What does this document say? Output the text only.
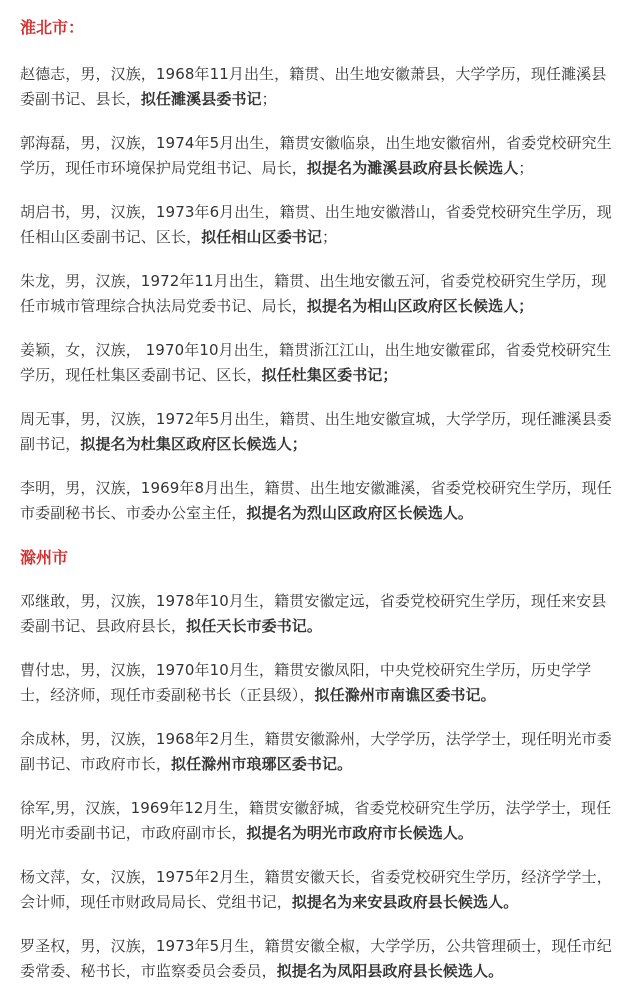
淮北市：

赵德志，男，汉族，1968年11月出生，籍贯、出生地安徽萧县，大学学历，现任濉溪县委副书记、县长，拟任濉溪县委书记；

郭海磊，男，汉族，1974年5月出生，籍贯安徽临泉，出生地安徽宿州，省委党校研究生学历，现任市环境保护局党组书记、局长，拟提名为濉溪县政府县长候选人；

胡启书，男，汉族，1973年6月出生，籍贯、出生地安徽潜山，省委党校研究生学历，现任相山区委副书记、区长，拟任相山区委书记；

朱龙，男，汉族，1972年11月出生，籍贯、出生地安徽五河，省委党校研究生学历，现任市城市管理综合执法局党委书记、局长，拟提名为相山区政府区长候选人；

姜颖，女，汉族， 1970年10月出生，籍贯浙江江山，出生地安徽霍邱，省委党校研究生学历，现任杜集区委副书记、区长，拟任杜集区委书记；

周无事，男，汉族，1972年5月出生，籍贯、出生地安徽宣城，大学学历，现任濉溪县委副书记，拟提名为杜集区政府区长候选人；

李明，男，汉族，1969年8月出生，籍贯、出生地安徽濉溪，省委党校研究生学历，现任市委副秘书长、市委办公室主任，拟提名为烈山区政府区长候选人。

滁州市

邓继敢，男，汉族，1978年10月生，籍贯安徽定远，省委党校研究生学历，现任来安县委副书记、县政府县长，拟任天长市委书记。

曹付忠，男，汉族，1970年10月生，籍贯安徽凤阳，中央党校研究生学历，历史学学士，经济师，现任市委副秘书长（正县级），拟任滁州市南谯区委书记。

余成林，男，汉族，1968年2月生，籍贯安徽滁州，大学学历，法学学士，现任明光市委副书记、市政府市长，拟任滁州市琅琊区委书记。

徐军,男，汉族，1969年12月生，籍贯安徽舒城，省委党校研究生学历，法学学士，现任明光市委副书记，市政府副市长，拟提名为明光市政府市长候选人。

杨文萍，女，汉族，1975年2月生，籍贯安徽天长，省委党校研究生学历，经济学学士，会计师，现任市财政局局长、党组书记，拟提名为来安县政府县长候选人。

罗圣权，男，汉族，1973年5月生，籍贯安徽全椒，大学学历，公共管理硕士，现任市纪委常委、秘书长，市监察委员会委员，拟提名为凤阳县政府县长候选人。
